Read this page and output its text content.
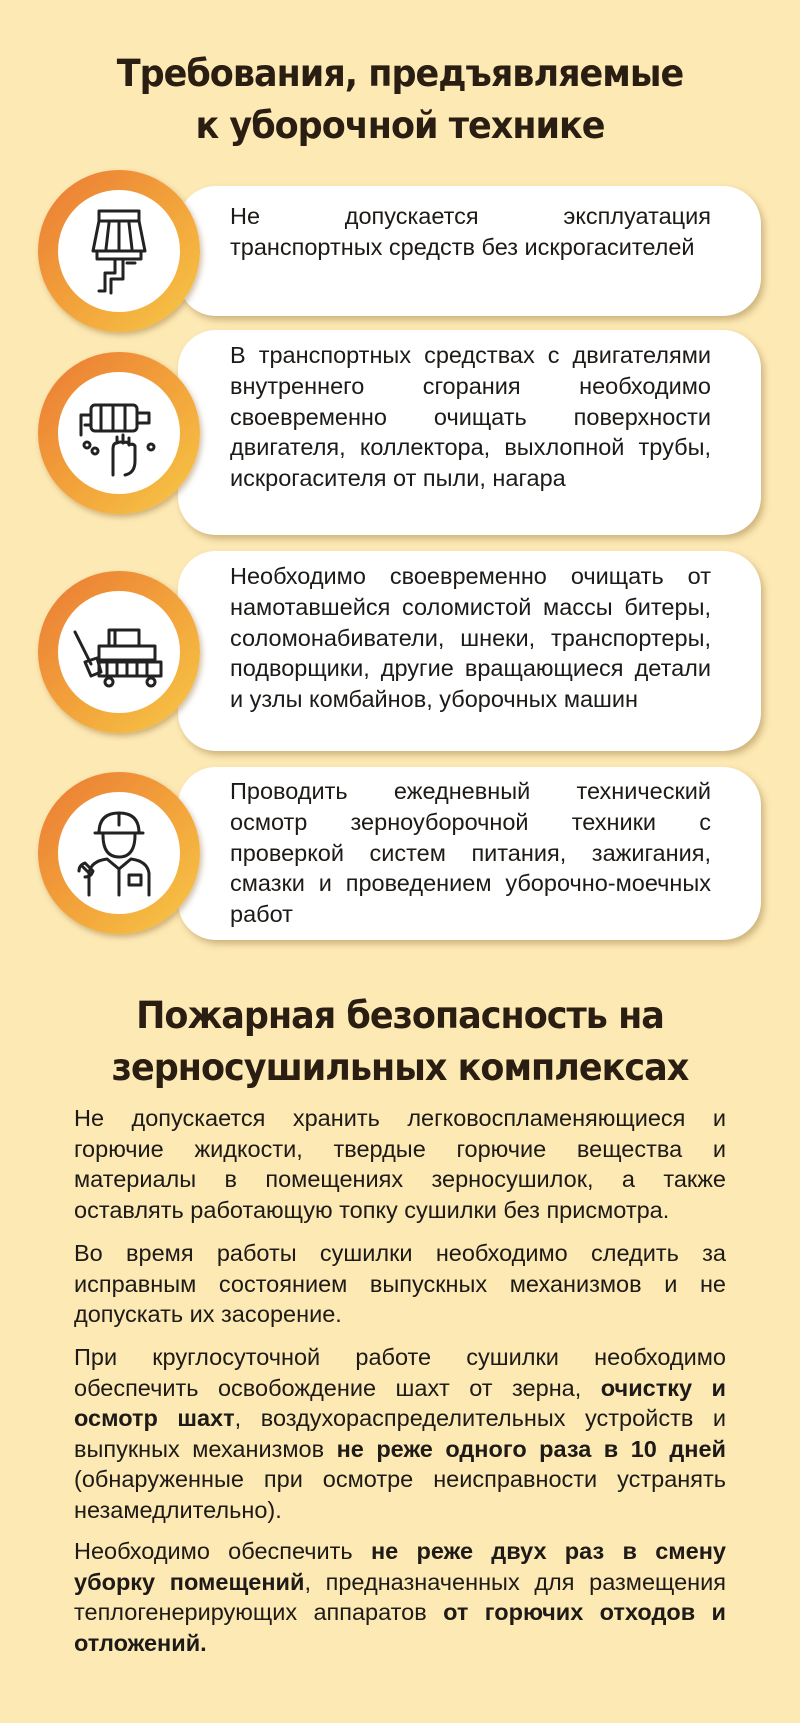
Требования, предъявляемые
к уборочной технике
Не допускается эксплуатация транспортных средств без искрогасителей
В транспортных средствах с двигателями внутреннего сгорания необходимо своевременно очищать поверхности двигателя, коллектора, выхлопной трубы, искрогасителя от пыли, нагара
Необходимо своевременно очищать от намотавшейся соломистой массы битеры, соломонабиватели, шнеки, транспортеры, подворщики, другие вращающиеся детали и узлы комбайнов, уборочных машин
Проводить ежедневный технический осмотр зерноуборочной техники с проверкой систем питания, зажигания, смазки и проведением уборочно-моечных работ
Пожарная безопасность на
зерносушильных комплексах
Не допускается хранить легковоспламеняющиеся и горючие жидкости, твердые горючие вещества и материалы в помещениях зерносушилок, а также оставлять работающую топку сушилки без присмотра.
Во время работы сушилки необходимо следить за исправным состоянием выпускных механизмов и не допускать их засорение.
При круглосуточной работе сушилки необходимо обеспечить освобождение шахт от зерна, очистку и осмотр шахт, воздухораспределительных устройств и выпукных механизмов не реже одного раза в 10 дней (обнаруженные при осмотре неисправности устранять незамедлительно).
Необходимо обеспечить не реже двух раз в смену уборку помещений, предназначенных для размещения теплогенерирующих аппаратов от горючих отходов и отложений.
